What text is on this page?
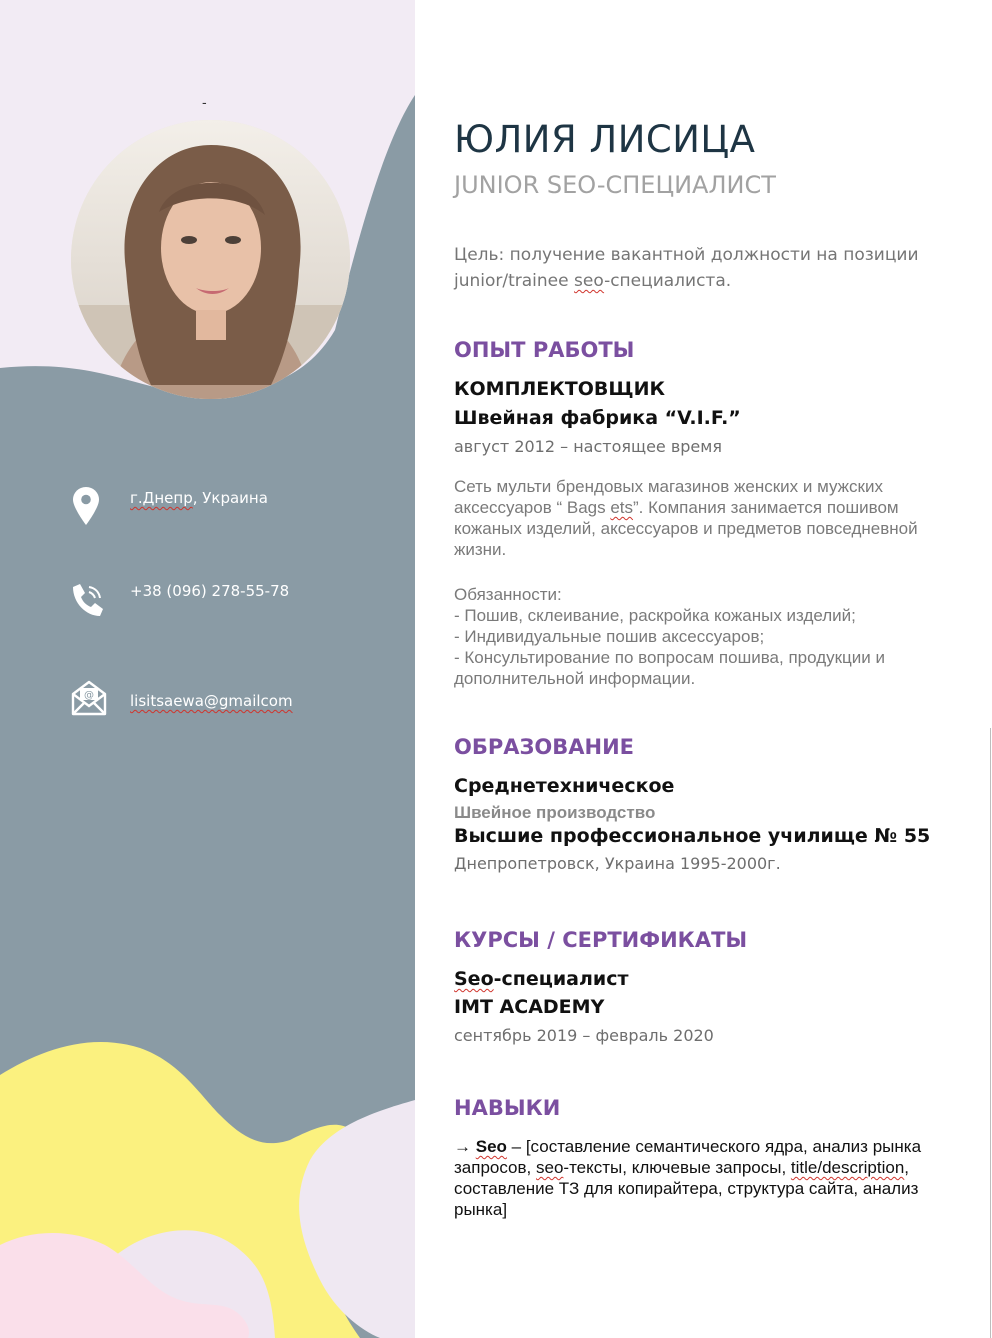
-
г.Днепр, Украина
+38 (096) 278-55-78
@ lisitsaewa@gmailcom
ЮЛИЯ ЛИСИЦА
JUNIOR SEO-СПЕЦИАЛИСТ
Цель: получение вакантной должности на позиции junior/trainee seo-специалиста.
ОПЫТ РАБОТЫ
КОМПЛЕКТОВЩИК
Швейная фабрика “V.I.F.”
август 2012 – настоящее время
Сеть мульти брендовых магазинов женских и мужских аксессуаров “ Bags ets”. Компания занимается пошивом кожаных изделий, аксессуаров и предметов повседневной жизни.
Обязанности:
- Пошив, склеивание, раскройка кожаных изделий;
- Индивидуальные пошив аксессуаров;
- Консультирование по вопросам пошива, продукции и дополнительной информации.
ОБРАЗОВАНИЕ
Среднетехническое
Швейное производство
Высшие профессиональное училище № 55
Днепропетровск, Украина 1995-2000г.
КУРСЫ / СЕРТИФИКАТЫ
Seo-специалист
IMT ACADEMY
сентябрь 2019 – февраль 2020
НАВЫКИ
→ Seo – [составление семантического ядра, анализ рынка запросов, seo-тексты, ключевые запросы, title/description, составление ТЗ для копирайтера, структура сайта, анализ рынка]
